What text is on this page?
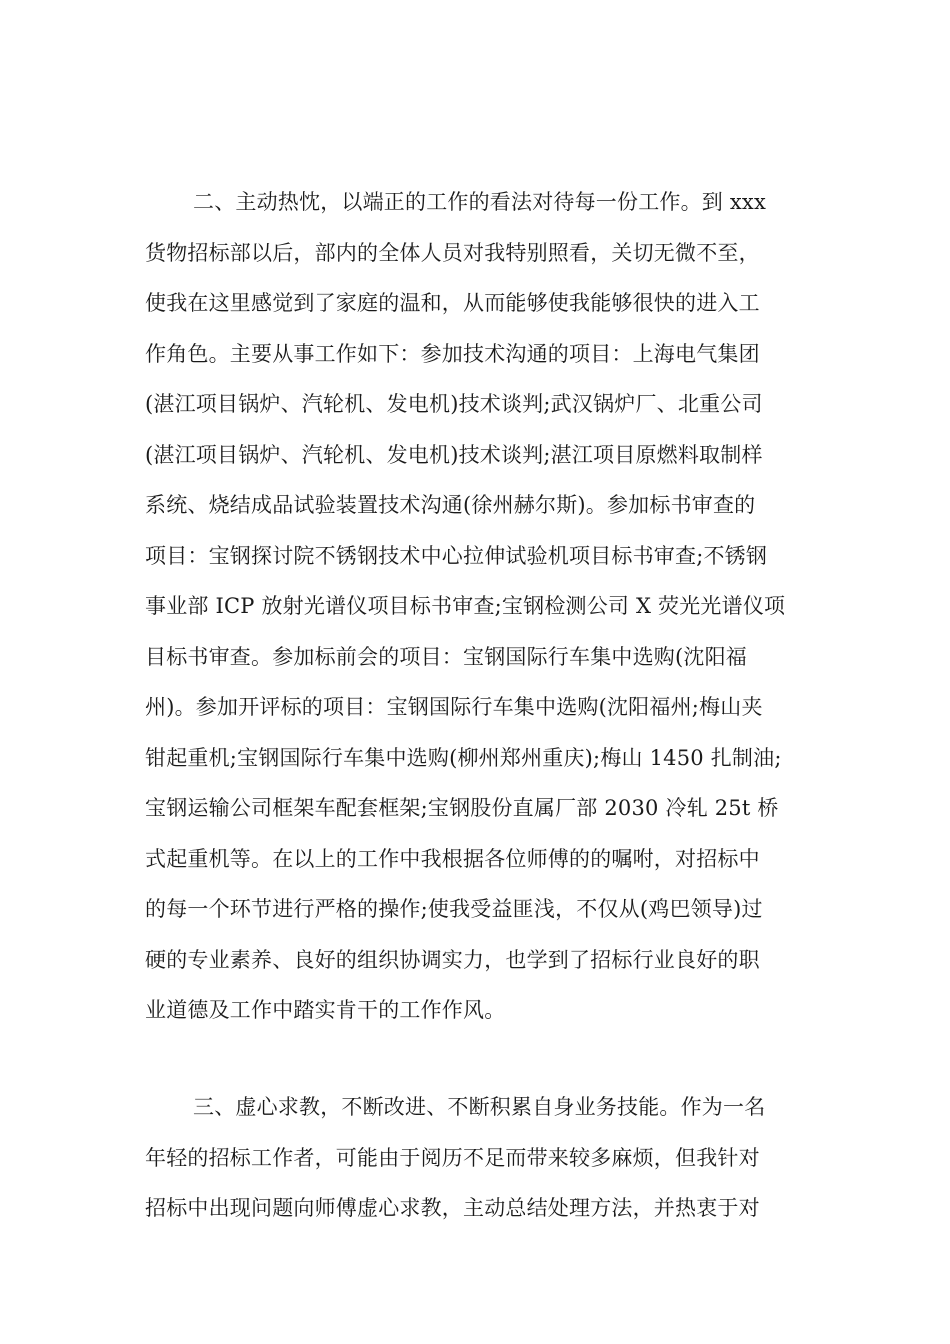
二、主动热忱，以端正的工作的看法对待每一份工作。到 xxx
货物招标部以后，部内的全体人员对我特别照看，关切无微不至，
使我在这里感觉到了家庭的温和，从而能够使我能够很快的进入工
作角色。主要从事工作如下：参加技术沟通的项目：上海电气集团
(湛江项目锅炉、汽轮机、发电机)技术谈判;武汉锅炉厂、北重公司
(湛江项目锅炉、汽轮机、发电机)技术谈判;湛江项目原燃料取制样
系统、烧结成品试验装置技术沟通(徐州赫尔斯)。参加标书审查的
项目：宝钢探讨院不锈钢技术中心拉伸试验机项目标书审查;不锈钢
事业部 ICP 放射光谱仪项目标书审查;宝钢检测公司 X 荧光光谱仪项
目标书审查。参加标前会的项目：宝钢国际行车集中选购(沈阳福
州)。参加开评标的项目：宝钢国际行车集中选购(沈阳福州;梅山夹
钳起重机;宝钢国际行车集中选购(柳州郑州重庆);梅山 1450 扎制油;
宝钢运输公司框架车配套框架;宝钢股份直属厂部 2030 冷轧 25t 桥
式起重机等。在以上的工作中我根据各位师傅的的嘱咐，对招标中
的每一个环节进行严格的操作;使我受益匪浅，不仅从(鸡巴领导)过
硬的专业素养、良好的组织协调实力，也学到了招标行业良好的职
业道德及工作中踏实肯干的工作作风。
三、虚心求教，不断改进、不断积累自身业务技能。作为一名
年轻的招标工作者，可能由于阅历不足而带来较多麻烦，但我针对
招标中出现问题向师傅虚心求教，主动总结处理方法，并热衷于对
